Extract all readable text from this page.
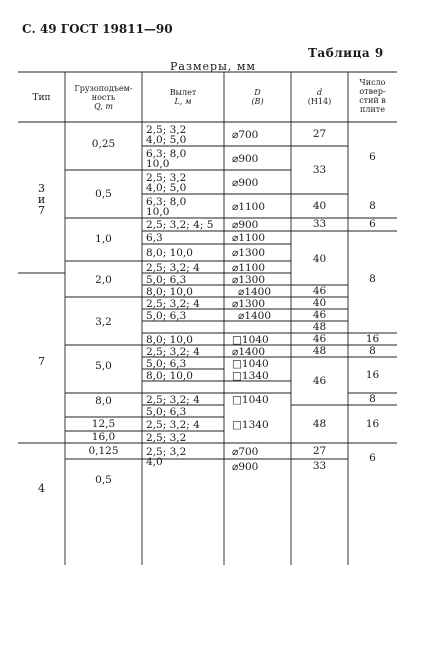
С. 49 ГОСТ 19811—90
Таблица 9
Размеры, мм
Тип
Грузоподъем-
ность
Q, т
Вылет
L, м
D
(B)
d
(H14)
Число
отвер-
стий в
плите
3
и
7
7
4
0,25
0,5
1,0
2,0
3,2
5,0
8,0
12,5
16,0
0,125
0,5
2,5; 3,2
4,0; 5,0
6,3; 8,0
10,0
2,5; 3,2
4,0; 5,0
6,3; 8,0
10,0
2,5; 3,2; 4; 5
6,3
8,0; 10,0
2,5; 3,2; 4
5,0; 6,3
8,0; 10,0
2,5; 3,2; 4
5,0; 6,3
8,0; 10,0
2,5; 3,2; 4
5,0; 6,3
8,0; 10,0
2,5; 3,2; 4
5,0; 6,3
2,5; 3,2; 4
2,5; 3,2
2,5; 3,2
4,0
⌀700
⌀900
⌀900
⌀1100
⌀900
⌀1100
⌀1300
⌀1100
⌀1300
⌀1400
⌀1300
⌀1400
□1040
⌀1400
□1040
□1340
□1040
□1340
⌀700
⌀900
27
33
40
33
40
46
40
46
48
46
48
46
48
27
33
6
8
6
8
16
8
16
8
16
6
